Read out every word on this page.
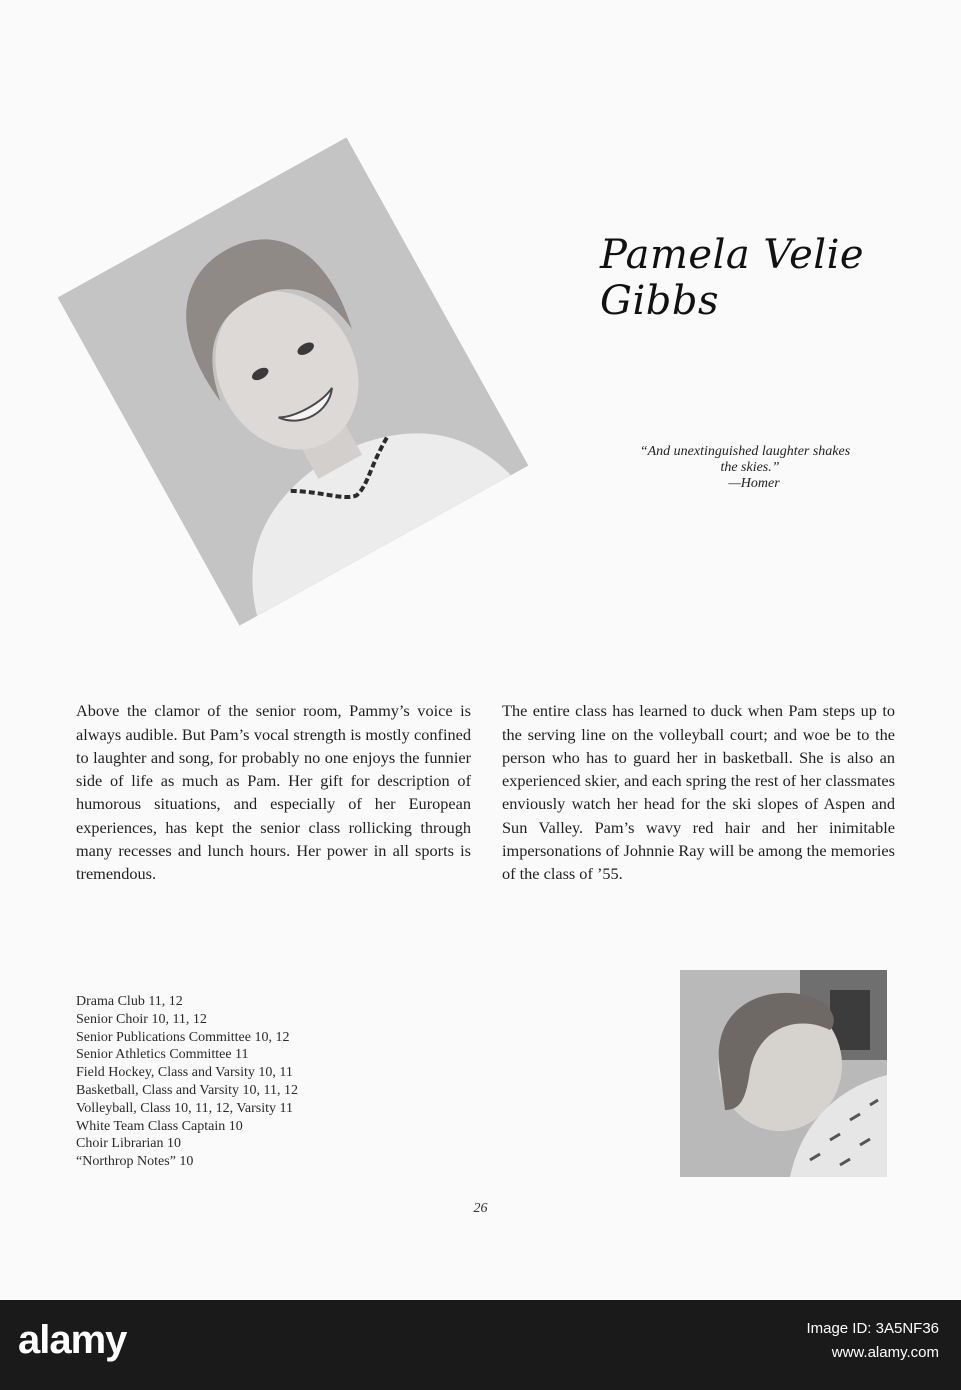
Pamela Velie Gibbs
“And unextinguished laughter shakes
the skies.”
—Homer

Above the clamor of the senior room, Pammy’s voice is always audible. But Pam’s vocal strength is mostly confined to laughter and song, for probably no one enjoys the funnier side of life as much as Pam. Her gift for description of humorous situations, and especially of her European experiences, has kept the senior class rollicking through many recesses and lunch hours. Her power in all sports is tremendous.

The entire class has learned to duck when Pam steps up to the serving line on the volleyball court; and woe be to the person who has to guard her in basketball. She is also an experienced skier, and each spring the rest of her classmates enviously watch her head for the ski slopes of Aspen and Sun Valley. Pam’s wavy red hair and her inimitable impersonations of Johnnie Ray will be among the memories of the class of ’55.

Drama Club 11, 12
Senior Choir 10, 11, 12
Senior Publications Committee 10, 12
Senior Athletics Committee 11
Field Hockey, Class and Varsity 10, 11
Basketball, Class and Varsity 10, 11, 12
Volleyball, Class 10, 11, 12, Varsity 11
White Team Class Captain 10
Choir Librarian 10
“Northrop Notes” 10
26
alamy	Image ID: 3A5NF36
www.alamy.com
